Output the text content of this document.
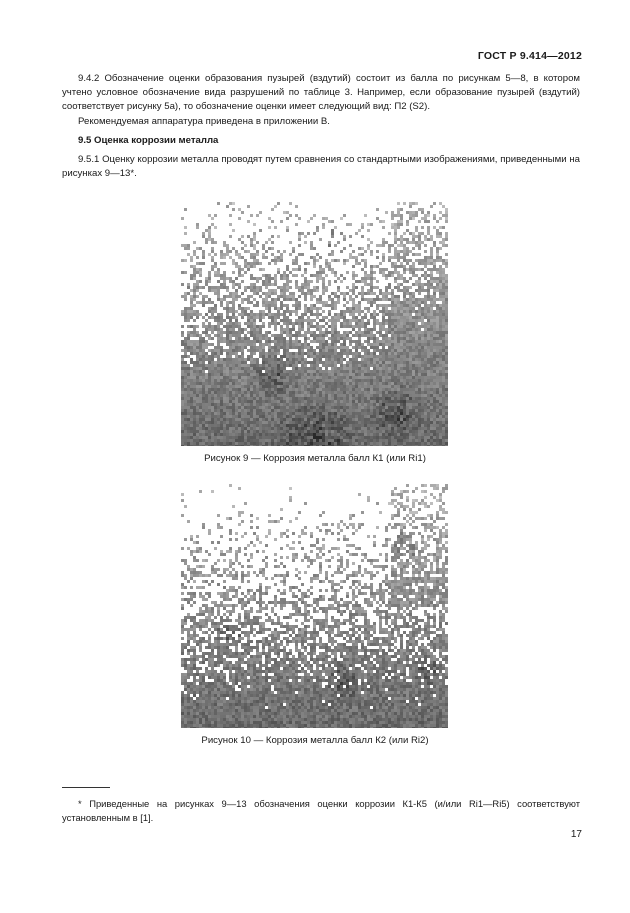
ГОСТ Р 9.414—2012

9.4.2 Обозначение оценки образования пузырей (вздутий) состоит из балла по рисункам 5—8, в котором учтено условное обозначение вида разрушений по таблице 3. Например, если образование пузырей (вздутий) соответствует рисунку 5а), то обозначение оценки имеет следующий вид: П2 (S2).

Рекомендуемая аппаратура приведена в приложении В.

9.5 Оценка коррозии металла

9.5.1 Оценку коррозии металла проводят путем сравнения со стандартными изображениями, приведенными на рисунках 9—13*.

Рисунок 9 — Коррозия металла балл К1 (или Ri1)
Рисунок 10 — Коррозия металла балл К2 (или Ri2)

* Приведенные на рисунках 9—13 обозначения оценки коррозии К1-К5 (и/или Ri1—Ri5) соответствуют установленным в [1].

17
